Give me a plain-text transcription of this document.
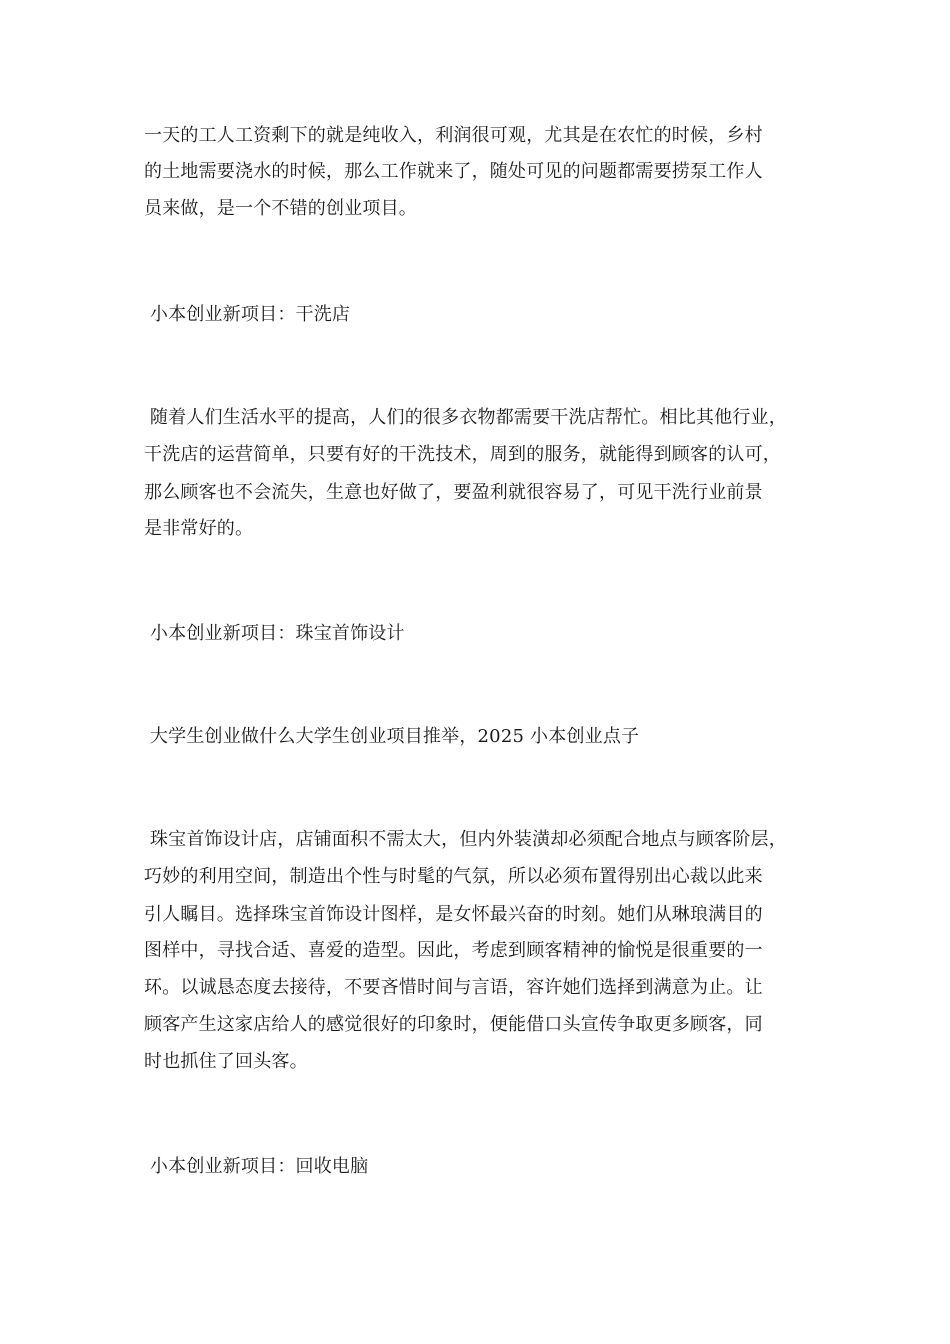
一天的工人工资剩下的就是纯收入，利润很可观，尤其是在农忙的时候，乡村
的土地需要浇水的时候，那么工作就来了，随处可见的问题都需要捞泵工作人
员来做，是一个不错的创业项目。
小本创业新项目：干洗店
随着人们生活水平的提高，人们的很多衣物都需要干洗店帮忙。相比其他行业，
干洗店的运营简单，只要有好的干洗技术，周到的服务，就能得到顾客的认可，
那么顾客也不会流失，生意也好做了，要盈利就很容易了，可见干洗行业前景
是非常好的。
小本创业新项目：珠宝首饰设计
大学生创业做什么大学生创业项目推举，2025 小本创业点子
珠宝首饰设计店，店铺面积不需太大，但内外装潢却必须配合地点与顾客阶层，
巧妙的利用空间，制造出个性与时髦的气氛，所以必须布置得别出心裁以此来
引人瞩目。选择珠宝首饰设计图样，是女怀最兴奋的时刻。她们从琳琅满目的
图样中，寻找合适、喜爱的造型。因此，考虑到顾客精神的愉悦是很重要的一
环。以诚恳态度去接待，不要吝惜时间与言语，容许她们选择到满意为止。让
顾客产生这家店给人的感觉很好的印象时，便能借口头宣传争取更多顾客，同
时也抓住了回头客。
小本创业新项目：回收电脑
